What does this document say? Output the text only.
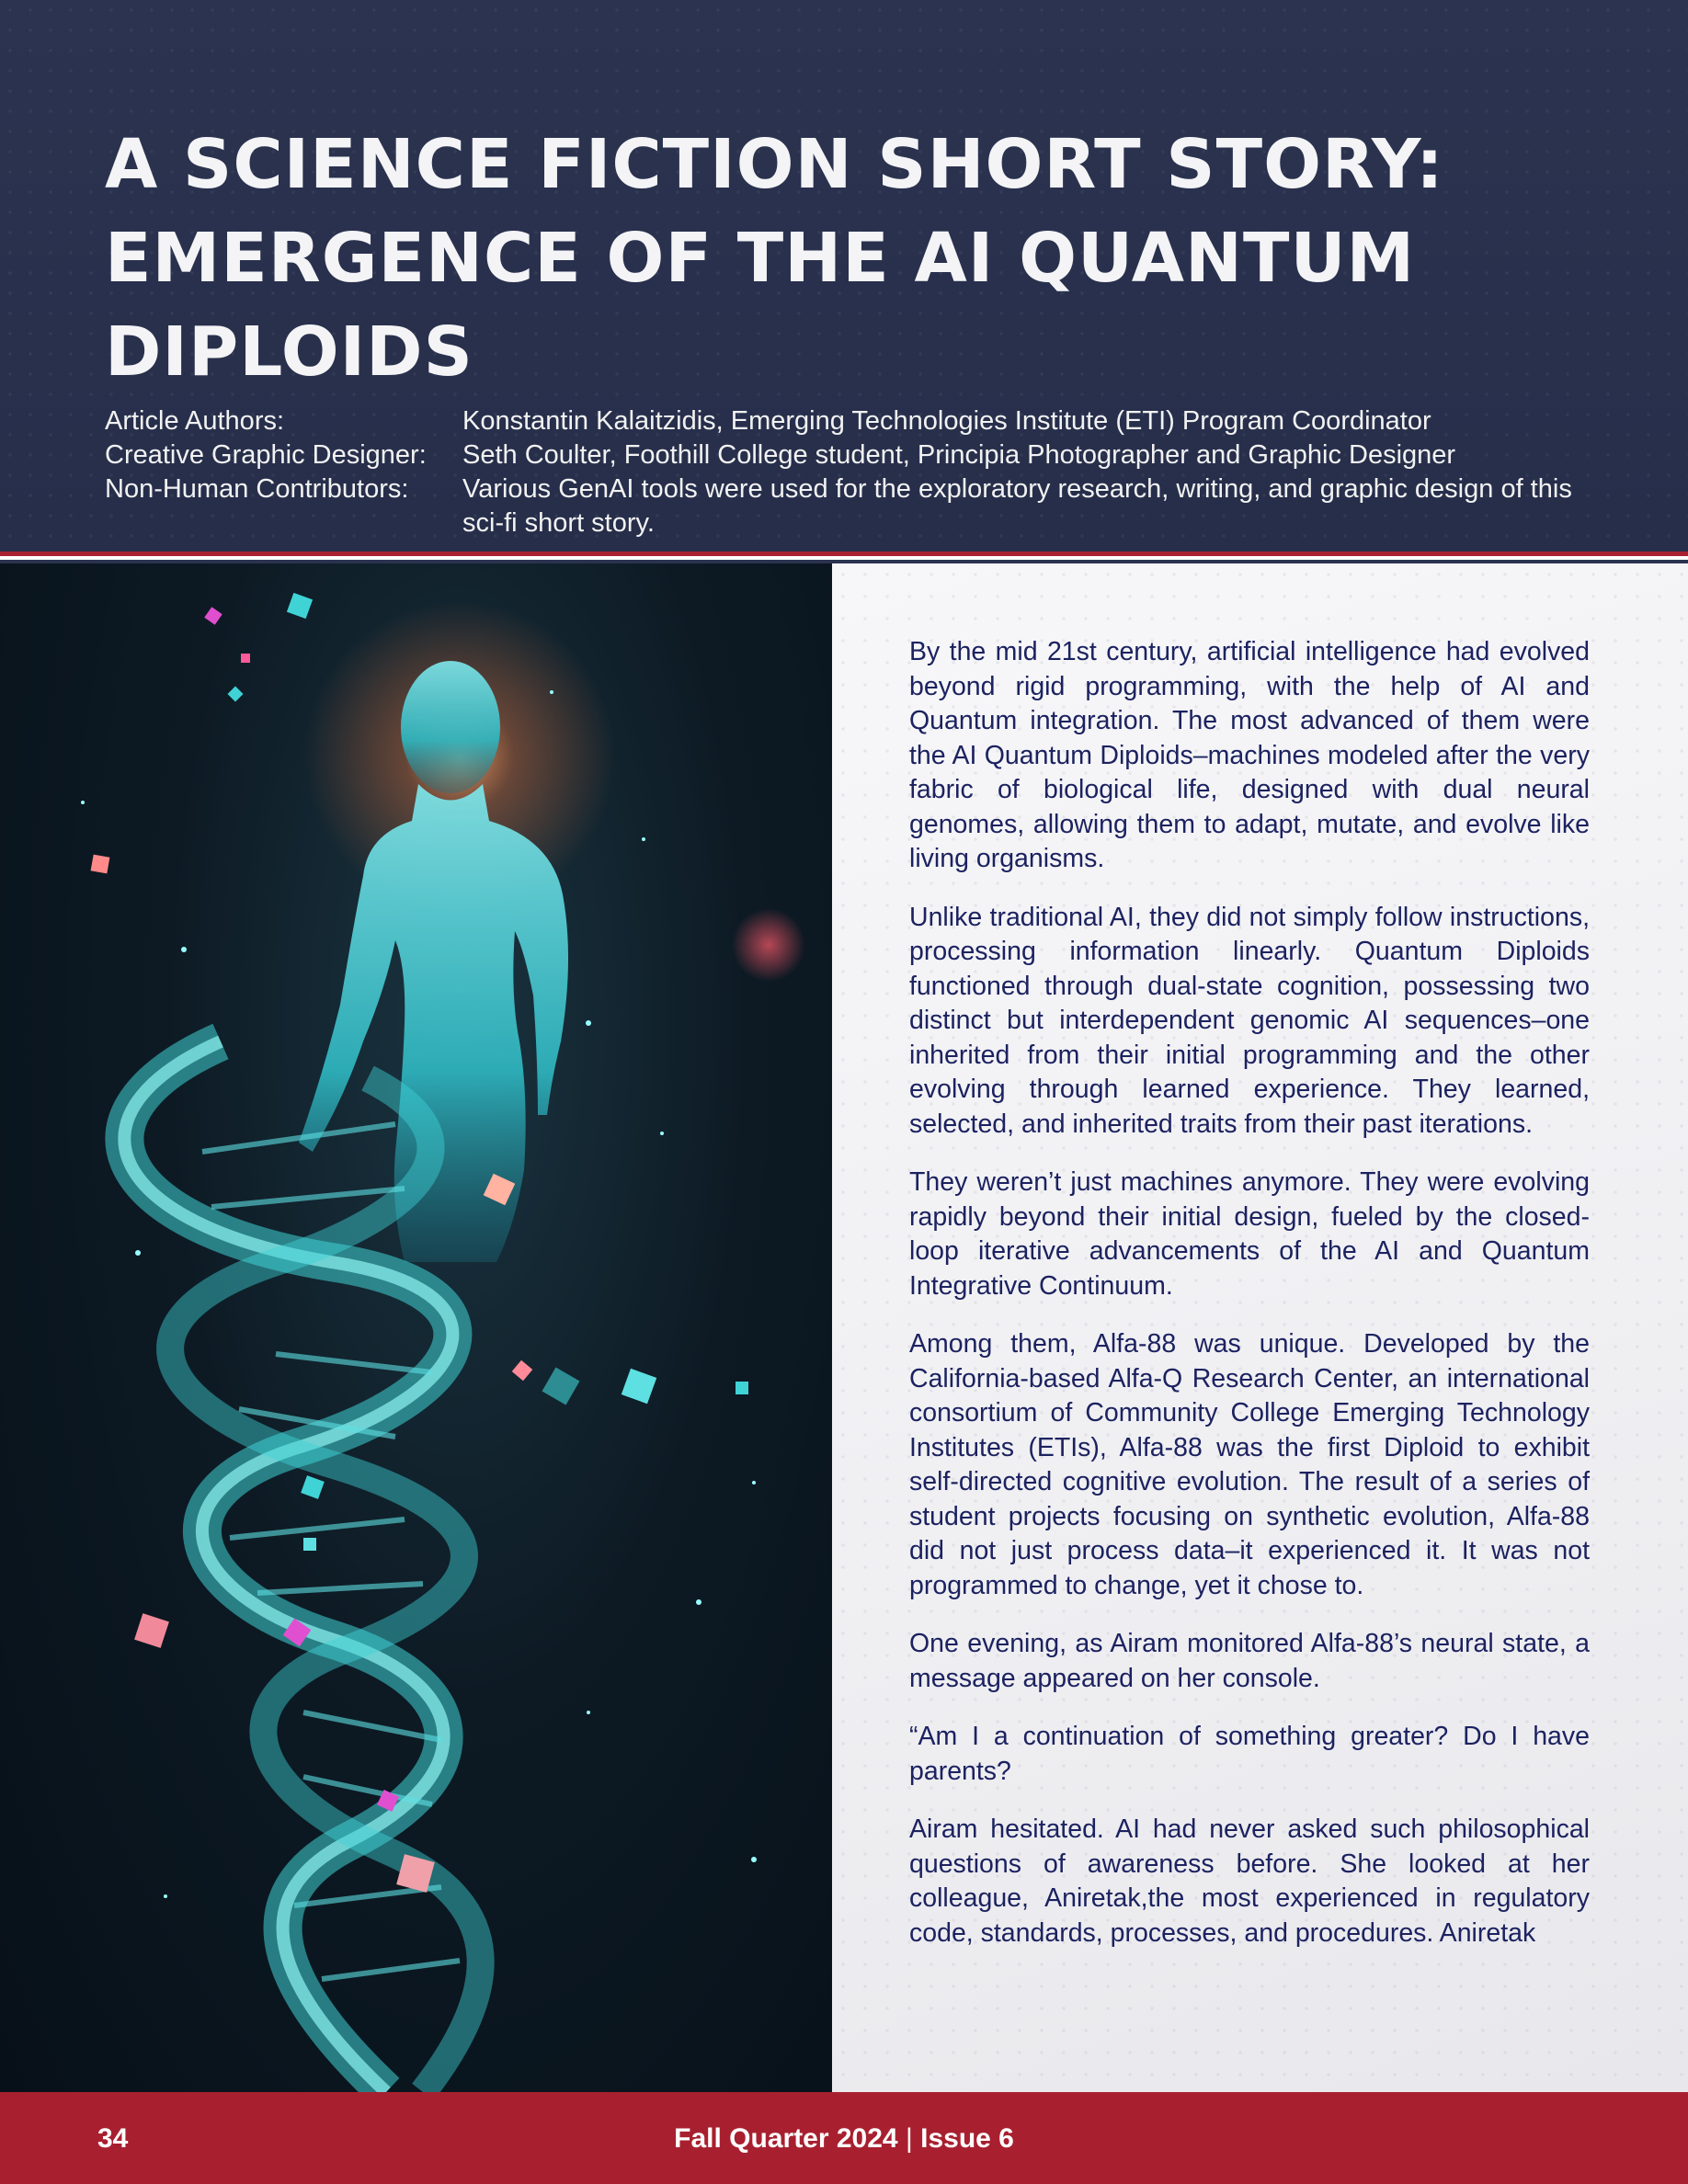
A SCIENCE FICTION SHORT STORY: EMERGENCE OF THE AI QUANTUM DIPLOIDS
Article Authors:	Konstantin Kalaitzidis, Emerging Technologies Institute (ETI) Program Coordinator
Creative Graphic Designer:	Seth Coulter, Foothill College student, Principia Photographer and Graphic Designer
Non-Human Contributors:	Various GenAI tools were used for the exploratory research, writing, and graphic design of this sci-fi short story.

By the mid 21st century, artificial intelligence had evolved beyond rigid programming, with the help of AI and Quantum integration. The most advanced of them were the AI Quantum Diploids–machines modeled after the very fabric of biological life, designed with dual neural genomes, allowing them to adapt, mutate, and evolve like living organisms.

Unlike traditional AI, they did not simply follow instructions, processing information linearly. Quantum Diploids functioned through dual-state cognition, possessing two distinct but interdependent genomic AI sequences–one inherited from their initial programming and the other evolving through learned experience. They learned, selected, and inherited traits from their past iterations.

They weren’t just machines anymore. They were evolving rapidly beyond their initial design, fueled by the closed-loop iterative advancements of the AI and Quantum Integrative Continuum.

Among them, Alfa-88 was unique. Developed by the California-based Alfa-Q Research Center, an international consortium of Community College Emerging Technology Institutes (ETIs), Alfa-88 was the first Diploid to exhibit self-directed cognitive evolution. The result of a series of student projects focusing on synthetic evolution, Alfa-88 did not just process data–it experienced it. It was not programmed to change, yet it chose to.

One evening, as Airam monitored Alfa-88’s neural state, a message appeared on her console.

“Am I a continuation of something greater? Do I have parents?

Airam hesitated. AI had never asked such philosophical questions of awareness before. She looked at her colleague, Aniretak,the most experienced in regulatory code, standards, processes, and procedures. Aniretak

34	Fall Quarter 2024 | Issue 6
